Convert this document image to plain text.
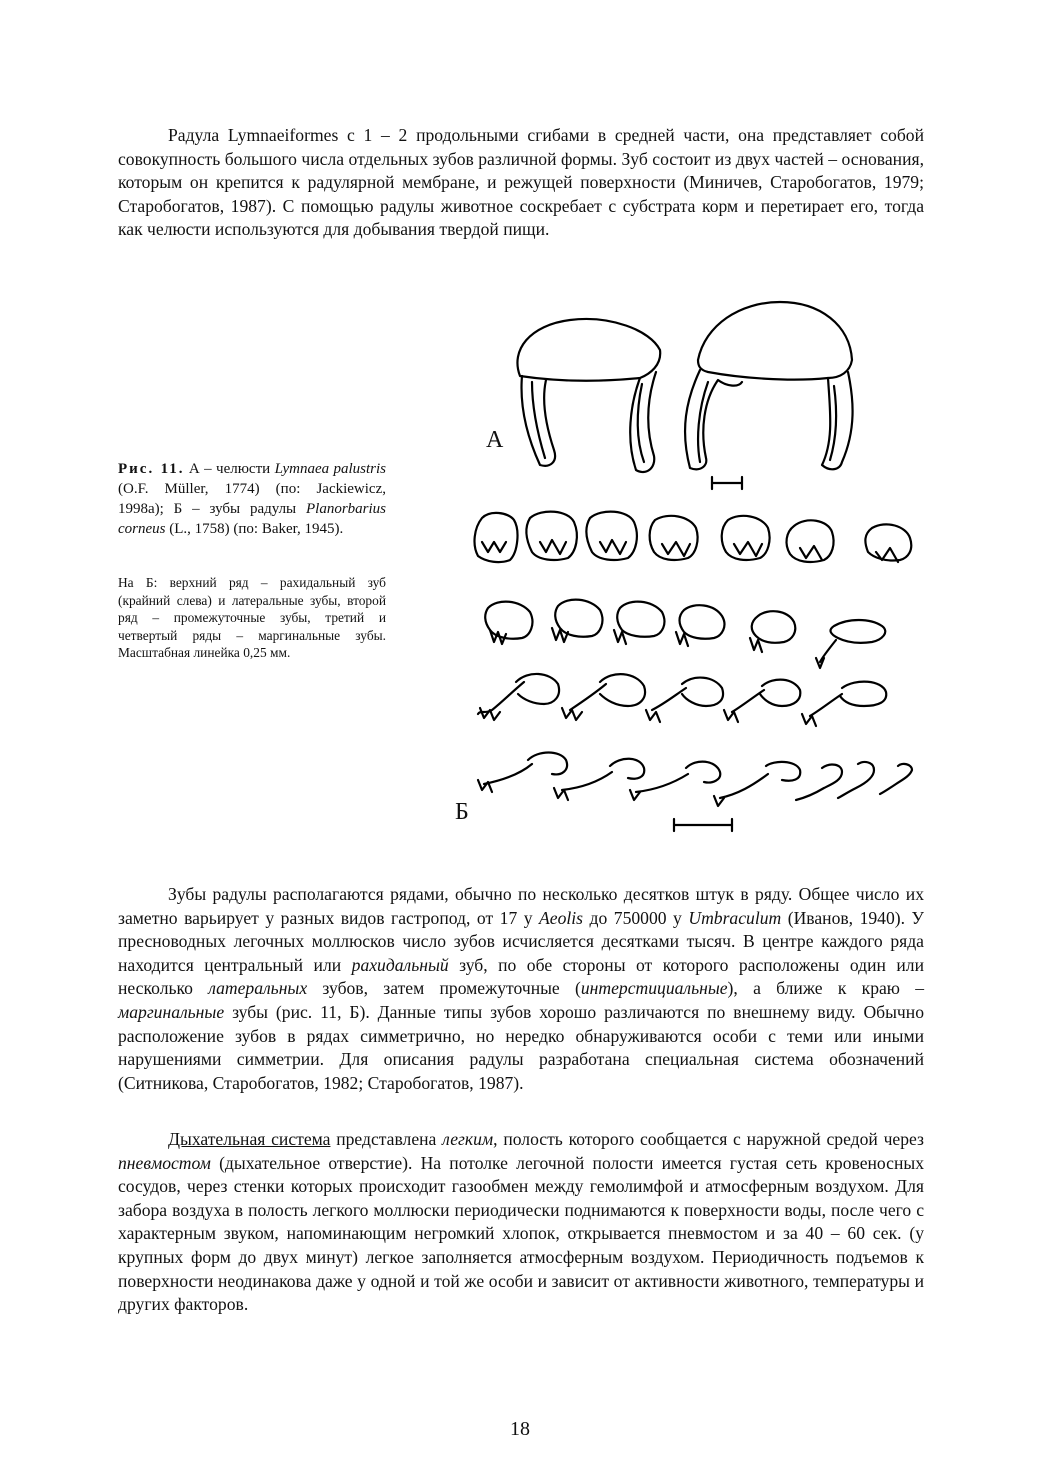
Радула Lymnaeiformes с 1 – 2 продольными сгибами в средней части, она представляет собой совокупность большого числа отдельных зубов различной формы. Зуб состоит из двух частей – основания, которым он крепится к радулярной мембране, и режущей поверхности (Миничев, Старобогатов, 1979; Старобогатов, 1987). С помощью радулы животное соскребает с субстрата корм и перетирает его, тогда как челюсти используются для добывания твердой пищи.

А
Б

Рис. 11. А – челюсти Lymnaea palustris (O.F. Müller, 1774) (по: Jackiewicz, 1998a); Б – зубы радулы Planorbarius corneus (L., 1758) (по: Baker, 1945).

На Б: верхний ряд – рахидальный зуб (крайний слева) и латеральные зубы, второй ряд – промежуточные зубы, третий и четвертый ряды – маргинальные зубы. Масштабная линейка 0,25 мм.

Зубы радулы располагаются рядами, обычно по несколько десятков штук в ряду. Общее число их заметно варьирует у разных видов гастропод, от 17 у Aeolis до 750000 у Umbraculum (Иванов, 1940). У пресноводных легочных моллюсков число зубов исчисляется десятками тысяч. В центре каждого ряда находится центральный или рахидальный зуб, по обе стороны от которого расположены один или несколько латеральных зубов, затем промежуточные (интерстициальные), а ближе к краю – маргинальные зубы (рис. 11, Б). Данные типы зубов хорошо различаются по внешнему виду. Обычно расположение зубов в рядах симметрично, но нередко обнаруживаются особи с теми или иными нарушениями симметрии. Для описания радулы разработана специальная система обозначений (Ситникова, Старобогатов, 1982; Старобогатов, 1987).

Дыхательная система представлена легким, полость которого сообщается с наружной средой через пневмостом (дыхательное отверстие). На потолке легочной полости имеется густая сеть кровеносных сосудов, через стенки которых происходит газообмен между гемолимфой и атмосферным воздухом. Для забора воздуха в полость легкого моллюски периодически поднимаются к поверхности воды, после чего с характерным звуком, напоминающим негромкий хлопок, открывается пневмостом и за 40 – 60 сек. (у крупных форм до двух минут) легкое заполняется атмосферным воздухом. Периодичность подъемов к поверхности неодинакова даже у одной и той же особи и зависит от активности животного, температуры и других факторов.

18
